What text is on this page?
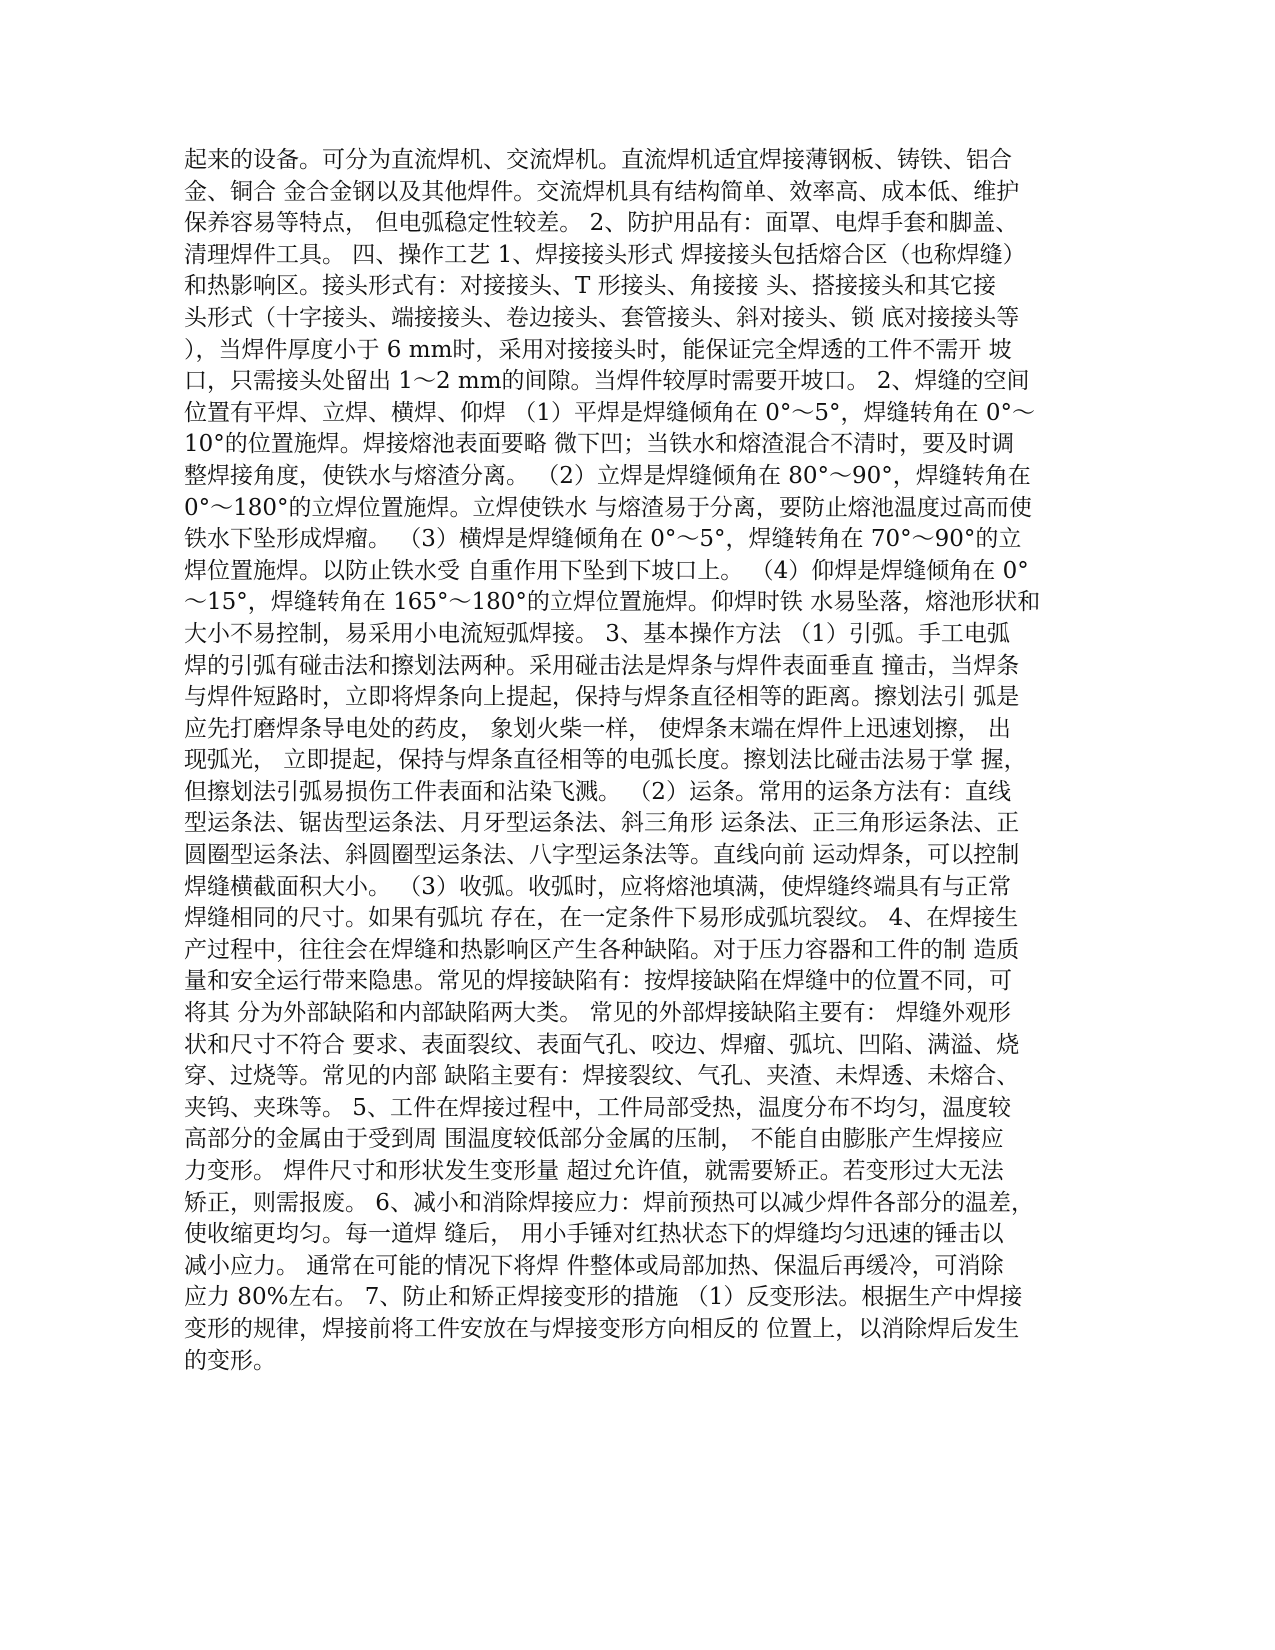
起来的设备。可分为直流焊机、交流焊机。直流焊机适宜焊接薄钢板、铸铁、铝合
金、铜合 金合金钢以及其他焊件。交流焊机具有结构简单、效率高、成本低、维护
保养容易等特点， 但电弧稳定性较差。 2、防护用品有：面罩、电焊手套和脚盖、
清理焊件工具。 四、操作工艺 1、焊接接头形式 焊接接头包括熔合区（也称焊缝）
和热影响区。接头形式有：对接接头、T 形接头、角接接 头、搭接接头和其它接
头形式（十字接头、端接接头、卷边接头、套管接头、斜对接头、锁 底对接接头等
），当焊件厚度小于 6 mm时，采用对接接头时，能保证完全焊透的工件不需开 坡
口，只需接头处留出 1～2 mm的间隙。当焊件较厚时需要开坡口。 2、焊缝的空间
位置有平焊、立焊、横焊、仰焊 （1）平焊是焊缝倾角在 0°～5°，焊缝转角在 0°～
10°的位置施焊。焊接熔池表面要略 微下凹；当铁水和熔渣混合不清时，要及时调
整焊接角度，使铁水与熔渣分离。 （2）立焊是焊缝倾角在 80°～90°，焊缝转角在
0°～180°的立焊位置施焊。立焊使铁水 与熔渣易于分离，要防止熔池温度过高而使
铁水下坠形成焊瘤。 （3）横焊是焊缝倾角在 0°～5°，焊缝转角在 70°～90°的立
焊位置施焊。以防止铁水受 自重作用下坠到下坡口上。 （4）仰焊是焊缝倾角在 0°
～15°，焊缝转角在 165°～180°的立焊位置施焊。仰焊时铁 水易坠落，熔池形状和
大小不易控制，易采用小电流短弧焊接。 3、基本操作方法 （1）引弧。手工电弧
焊的引弧有碰击法和擦划法两种。采用碰击法是焊条与焊件表面垂直 撞击，当焊条
与焊件短路时，立即将焊条向上提起，保持与焊条直径相等的距离。擦划法引 弧是
应先打磨焊条导电处的药皮， 象划火柴一样， 使焊条末端在焊件上迅速划擦， 出
现弧光， 立即提起，保持与焊条直径相等的电弧长度。擦划法比碰击法易于掌 握，
但擦划法引弧易损伤工件表面和沾染飞溅。 （2）运条。常用的运条方法有：直线
型运条法、锯齿型运条法、月牙型运条法、斜三角形 运条法、正三角形运条法、正
圆圈型运条法、斜圆圈型运条法、八字型运条法等。直线向前 运动焊条，可以控制
焊缝横截面积大小。 （3）收弧。收弧时，应将熔池填满，使焊缝终端具有与正常
焊缝相同的尺寸。如果有弧坑 存在，在一定条件下易形成弧坑裂纹。 4、在焊接生
产过程中，往往会在焊缝和热影响区产生各种缺陷。对于压力容器和工件的制 造质
量和安全运行带来隐患。常见的焊接缺陷有：按焊接缺陷在焊缝中的位置不同，可
将其 分为外部缺陷和内部缺陷两大类。 常见的外部焊接缺陷主要有： 焊缝外观形
状和尺寸不符合 要求、表面裂纹、表面气孔、咬边、焊瘤、弧坑、凹陷、满溢、烧
穿、过烧等。常见的内部 缺陷主要有：焊接裂纹、气孔、夹渣、未焊透、未熔合、
夹钨、夹珠等。 5、工件在焊接过程中，工件局部受热，温度分布不均匀，温度较
高部分的金属由于受到周 围温度较低部分金属的压制， 不能自由膨胀产生焊接应
力变形。 焊件尺寸和形状发生变形量 超过允许值，就需要矫正。若变形过大无法
矫正，则需报废。 6、减小和消除焊接应力：焊前预热可以减少焊件各部分的温差，
使收缩更均匀。每一道焊 缝后， 用小手锤对红热状态下的焊缝均匀迅速的锤击以
减小应力。 通常在可能的情况下将焊 件整体或局部加热、保温后再缓冷，可消除
应力 80%左右。 7、防止和矫正焊接变形的措施 （1）反变形法。根据生产中焊接
变形的规律，焊接前将工件安放在与焊接变形方向相反的 位置上，以消除焊后发生
的变形。
